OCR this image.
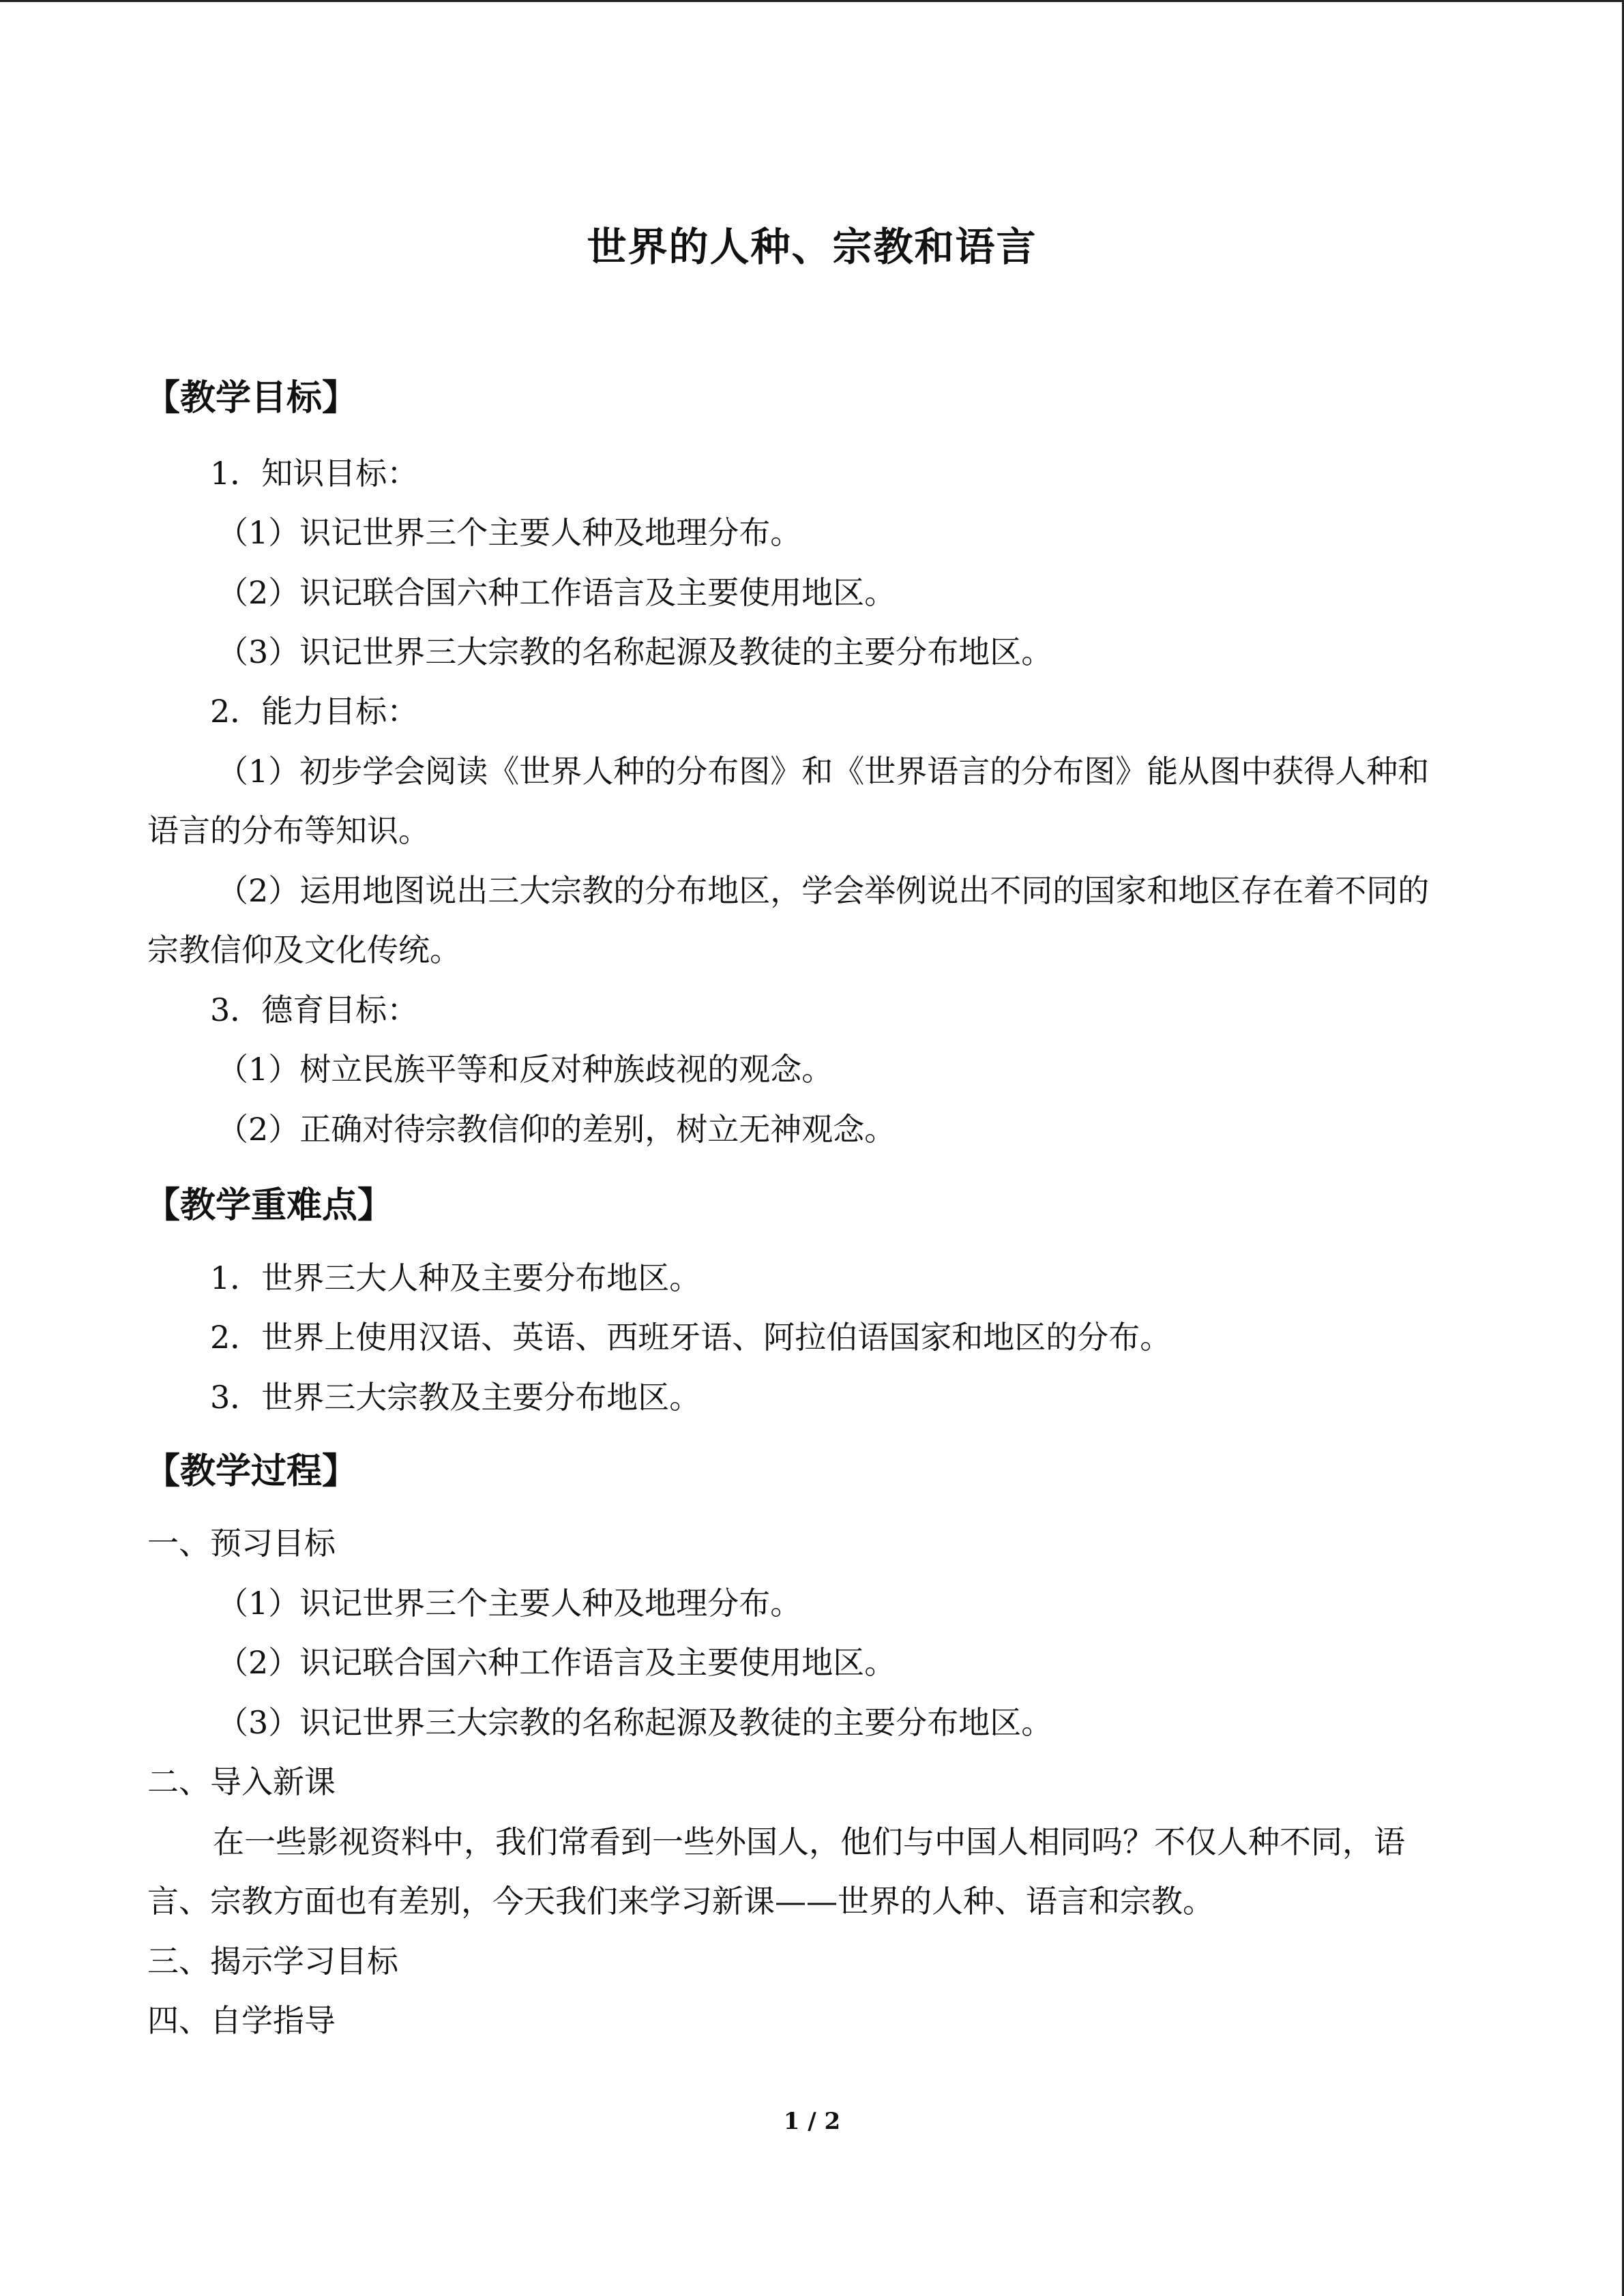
世界的人种、宗教和语言
【教学目标】
1．知识目标：
（1）识记世界三个主要人种及地理分布。
（2）识记联合国六种工作语言及主要使用地区。
（3）识记世界三大宗教的名称起源及教徒的主要分布地区。
2．能力目标：
（1）初步学会阅读《世界人种的分布图》和《世界语言的分布图》能从图中获得人种和
语言的分布等知识。
（2）运用地图说出三大宗教的分布地区，学会举例说出不同的国家和地区存在着不同的
宗教信仰及文化传统。
3．德育目标：
（1）树立民族平等和反对种族歧视的观念。
（2）正确对待宗教信仰的差别，树立无神观念。
【教学重难点】
1．世界三大人种及主要分布地区。
2．世界上使用汉语、英语、西班牙语、阿拉伯语国家和地区的分布。
3．世界三大宗教及主要分布地区。
【教学过程】
一、预习目标
（1）识记世界三个主要人种及地理分布。
（2）识记联合国六种工作语言及主要使用地区。
（3）识记世界三大宗教的名称起源及教徒的主要分布地区。
二、导入新课
在一些影视资料中，我们常看到一些外国人，他们与中国人相同吗？不仅人种不同，语
言、宗教方面也有差别，今天我们来学习新课——世界的人种、语言和宗教。
三、揭示学习目标
四、自学指导
1 / 2
